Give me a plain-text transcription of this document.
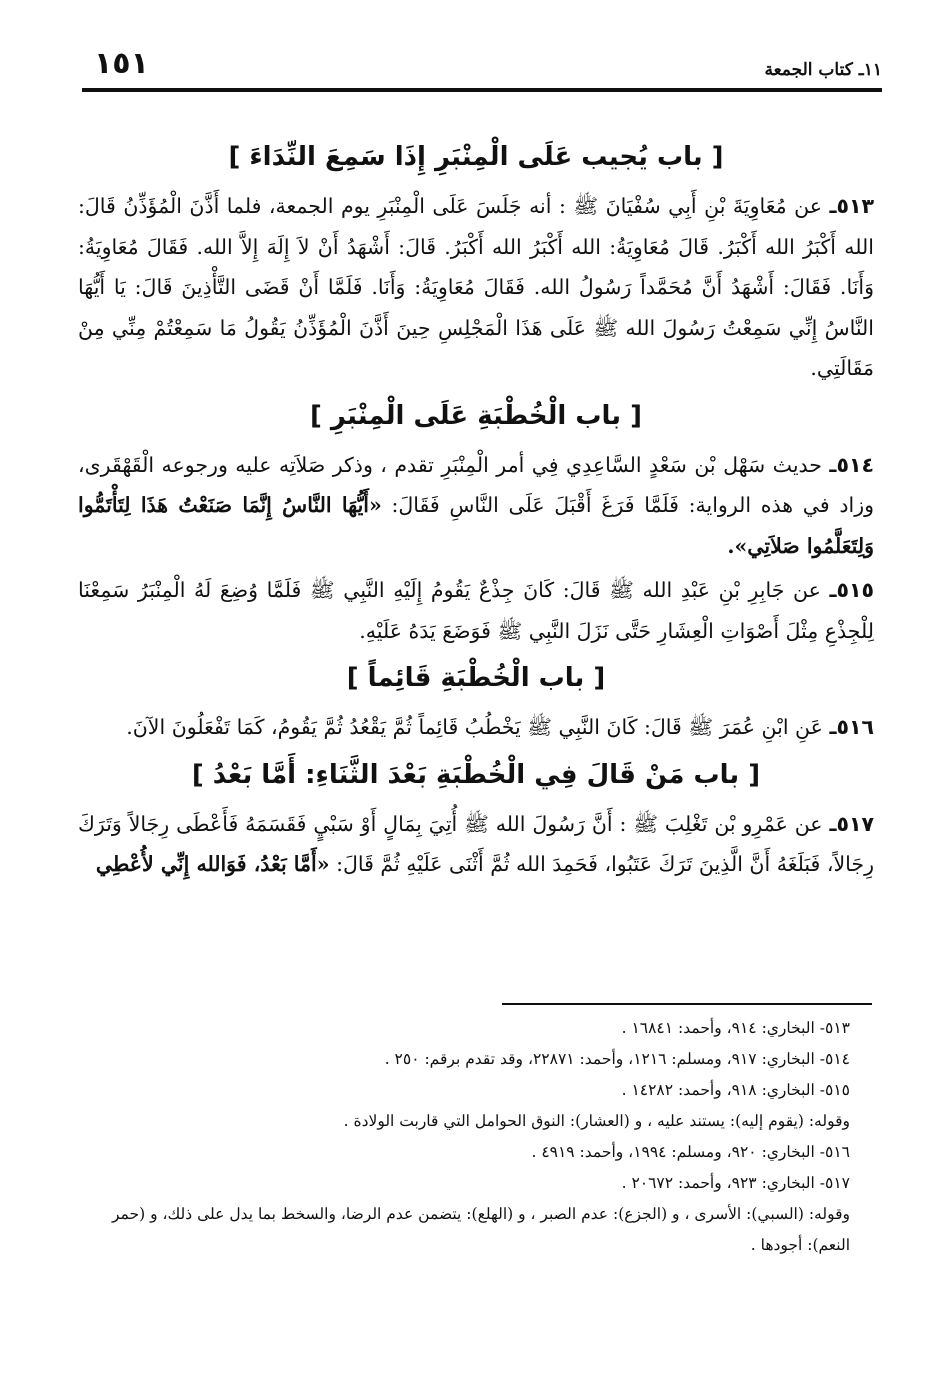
١١ـ كتاب الجمعة
١٥١
[ باب يُجيب عَلَى الْمِنْبَرِ إِذَا سَمِعَ النِّدَاءَ ]

٥١٣ـ عن مُعَاوِيَةَ بْنِ أَبِي سُفْيَانَ ﷺ : أنه جَلَسَ عَلَى الْمِنْبَرِ يوم الجمعة، فلما أَذَّنَ الْمُؤَذِّنُ قَالَ: الله أَكْبَرُ الله أَكْبَرُ. قَالَ مُعَاوِيَةُ: الله أَكْبَرُ الله أَكْبَرُ. قَالَ: أَشْهَدُ أَنْ لاَ إِلَهَ إِلاَّ الله. فَقَالَ مُعَاوِيَةُ: وَأَنَا. فَقَالَ: أَشْهَدُ أَنَّ مُحَمَّداً رَسُولُ الله. فَقَالَ مُعَاوِيَةُ: وَأَنَا. فَلَمَّا أَنْ قَضَى التَّأْذِينَ قَالَ: يَا أَيُّهَا النَّاسُ إِنِّي سَمِعْتُ رَسُولَ الله ﷺ عَلَى هَذَا الْمَجْلِسِ حِينَ أَذَّنَ الْمُؤَذِّنُ يَقُولُ مَا سَمِعْتُمْ مِنِّي مِنْ مَقَالَتِي.

[ باب الْخُطْبَةِ عَلَى الْمِنْبَرِ ]

٥١٤ـ حديث سَهْل بْن سَعْدٍ السَّاعِدِي فِي أمر الْمِنْبَرِ تقدم ، وذكر صَلاَتِه عليه ورجوعه الْقَهْقَرى، وزاد في هذه الرواية: فَلَمَّا فَرَغَ أَقْبَلَ عَلَى النَّاسِ فَقَالَ: «أَيُّهَا النَّاسُ إِنَّمَا صَنَعْتُ هَذَا لِتَأْتَمُّوا وَلِتَعَلَّمُوا صَلاَتِي».

٥١٥ـ عن جَابِرِ بْنِ عَبْدِ الله ﷺ قَالَ: كَانَ جِذْعٌ يَقُومُ إِلَيْهِ النَّبِي ﷺ فَلَمَّا وُضِعَ لَهُ الْمِنْبَرُ سَمِعْنَا لِلْجِذْعِ مِثْلَ أَصْوَاتِ الْعِشَارِ حَتَّى نَزَلَ النَّبِي ﷺ فَوَضَعَ يَدَهُ عَلَيْهِ.

[ باب الْخُطْبَةِ قَائِماً ]

٥١٦ـ عَنِ ابْنِ عُمَرَ ﷺ قَالَ: كَانَ النَّبِي ﷺ يَخْطُبُ قَائِماً ثُمَّ يَقْعُدُ ثُمَّ يَقُومُ، كَمَا تَفْعَلُونَ الآنَ.

[ باب مَنْ قَالَ فِي الْخُطْبَةِ بَعْدَ الثَّنَاءِ: أَمَّا بَعْدُ ]

٥١٧ـ عن عَمْرِو بْن تَغْلِبَ ﷺ : أَنَّ رَسُولَ الله ﷺ أُتِيَ بِمَالٍ أَوْ سَبْيٍ فَقَسَمَهُ فَأَعْطَى رِجَالاً وَتَرَكَ رِجَالاً، فَبَلَغَهُ أَنَّ الَّذِينَ تَرَكَ عَتَبُوا، فَحَمِدَ الله ثُمَّ أَثْنَى عَلَيْهِ ثُمَّ قَالَ: «أَمَّا بَعْدُ، فَوَالله إِنِّي لأُعْطِي

٥١٣- البخاري: ٩١٤، وأحمد: ١٦٨٤١ .

٥١٤- البخاري: ٩١٧، ومسلم: ١٢١٦، وأحمد: ٢٢٨٧١، وقد تقدم برقم: ٢٥٠ .

٥١٥- البخاري: ٩١٨، وأحمد: ١٤٢٨٢ .

وقوله: (يقوم إليه): يستند عليه ، و (العشار): النوق الحوامل التي قاربت الولادة .

٥١٦- البخاري: ٩٢٠، ومسلم: ١٩٩٤، وأحمد: ٤٩١٩ .

٥١٧- البخاري: ٩٢٣، وأحمد: ٢٠٦٧٢ .

وقوله: (السبي): الأسرى ، و (الجزع): عدم الصبر ، و (الهلع): يتضمن عدم الرضا، والسخط بما يدل على ذلك، و (حمر النعم): أجودها .
